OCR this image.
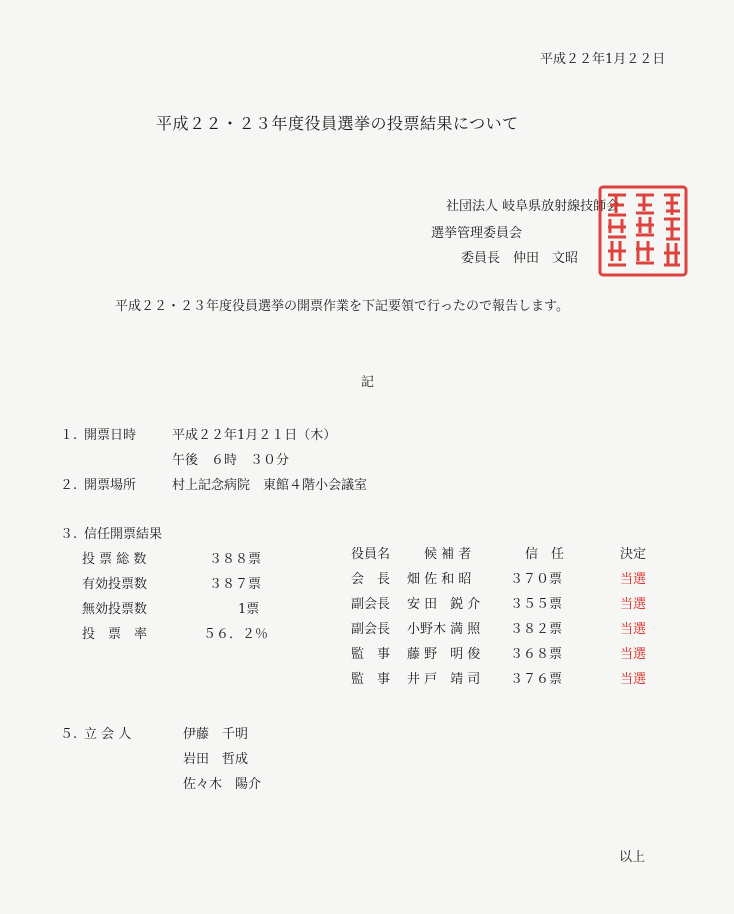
平成２２年1月２２日
平成２２・２３年度役員選挙の投票結果について
社団法人 岐阜県放射線技師会
選挙管理委員会
委員長　仲田　文昭
平成２２・２３年度役員選挙の開票作業を下記要領で行ったので報告します。
記
１. 開票日時	平成２２年1月２１日（木）
午後　６時　３０分
２. 開票場所	村上記念病院　東館４階小会議室
３. 信任開票結果
投 票 総 数	３８８票
有効投票数	３８７票
無効投票数	1票
投　票　率	５６．２％
役員名	候 補 者	信　任	決定
会　長 畑 佐 和 昭	３７０票	当選
副会長 安 田　鋭 介 ３５５票	当選
副会長 小野木 満 照 ３８２票	当選
監　事 藤 野　明 俊 ３６８票	当選
監　事 井 戸　靖 司 ３７６票	当選
５. 立 会 人	伊藤　千明
岩田　哲成
佐々木　陽介
以上
